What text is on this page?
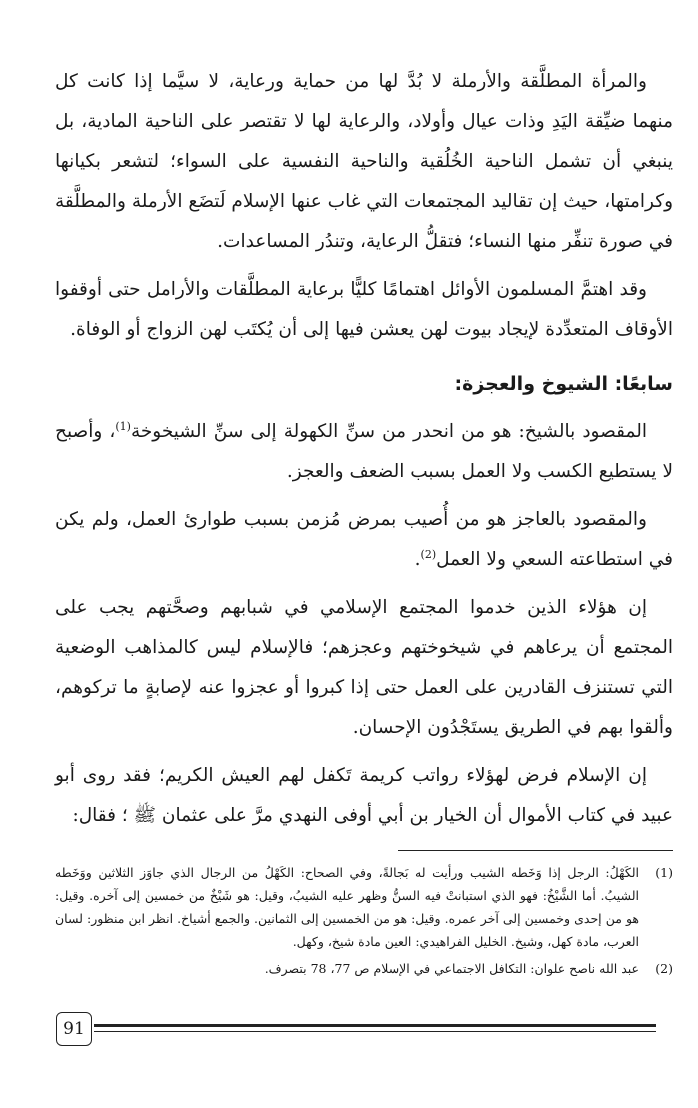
والمرأة المطلَّقة والأرملة لا بُدَّ لها من حماية ورعاية، لا سيَّما إذا كانت كل منهما ضيِّقة اليَدِ وذات عيال وأولاد، والرعاية لها لا تقتصر على الناحية المادية، بل ينبغي أن تشمل الناحية الخُلُقية والناحية النفسية على السواء؛ لتشعر بكيانها وكرامتها، حيث إن تقاليد المجتمعات التي غاب عنها الإسلام لَتضَع الأرملة والمطلَّقة في صورة تنفِّر منها النساء؛ فتقلُّ الرعاية، وتندُر المساعدات.

وقد اهتمَّ المسلمون الأوائل اهتمامًا كليًّا برعاية المطلَّقات والأرامل حتى أوقفوا الأوقاف المتعدِّدة لإيجاد بيوت لهن يعشن فيها إلى أن يُكتَب لهن الزواج أو الوفاة.

سابعًا: الشيوخ والعجزة:

المقصود بالشيخ: هو من انحدر من سنِّ الكهولة إلى سنِّ الشيخوخة$^{(1)}$، وأصبح لا يستطيع الكسب ولا العمل بسبب الضعف والعجز.

والمقصود بالعاجز هو من أُصيب بمرض مُزمن بسبب طوارئ العمل، ولم يكن في استطاعته السعي ولا العمل$^{(2)}$.

إن هؤلاء الذين خدموا المجتمع الإسلامي في شبابهم وصحَّتهم يجب على المجتمع أن يرعاهم في شيخوختهم وعجزهم؛ فالإسلام ليس كالمذاهب الوضعية التي تستنزف القادرين على العمل حتى إذا كبروا أو عجزوا عنه لإصابةٍ ما تركوهم، وألقوا بهم في الطريق يستَجْدُون الإحسان.

إن الإسلام فرض لهؤلاء رواتب كريمة تَكفل لهم العيش الكريم؛ فقد روى أبو عبيد في كتاب الأموال أن الخيار بن أبي أوفى النهدي مرَّ على عثمان ﷺ ؛ فقال:

(1)
الكَهْلُ: الرجل إذا وَخَطه الشيب ورأيت له بَجالةً، وفي الصحاح: الكَهْلُ من الرجال الذي جاوَز الثلاثين ووَخَطه الشيبُ. أما الشَّيْخُ: فهو الذي استبانتْ فيه السنُّ وظهر عليه الشيبُ، وقيل: هو شَيْخٌ من خمسين إلى آخره. وقيل: هو من إحدى وخمسين إلى آخر عمره. وقيل: هو من الخمسين إلى الثمانين. والجمع أشياخ. انظر ابن منظور: لسان العرب، مادة كهل، وشيخ. الخليل الفراهيدي: العين مادة شيخ، وكهل.
(2)
عبد الله ناصح علوان: التكافل الاجتماعي في الإسلام ص 77، 78 بتصرف.
91
